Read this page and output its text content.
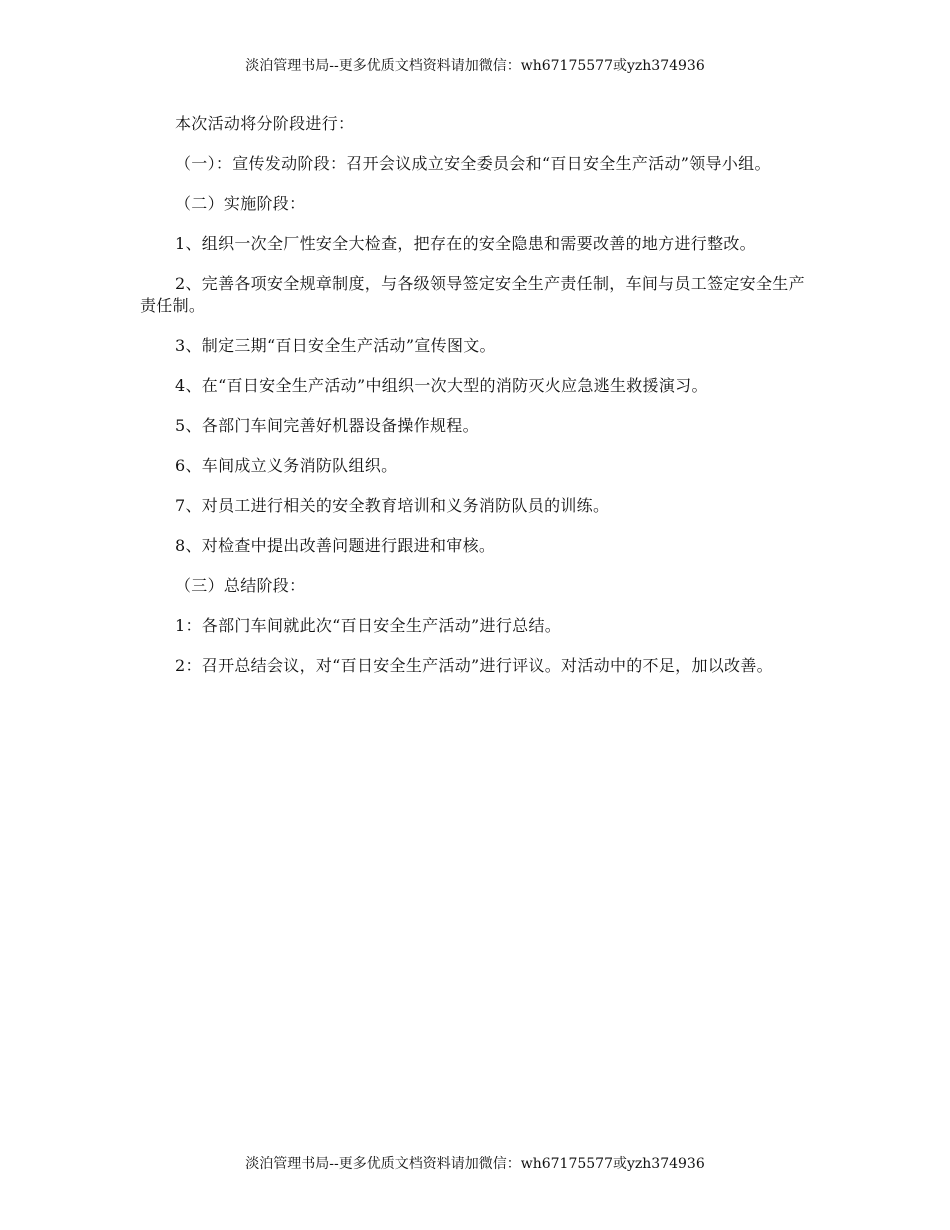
淡泊管理书局--更多优质文档资料请加微信：wh67175577或yzh374936

本次活动将分阶段进行：

（一）：宣传发动阶段：召开会议成立安全委员会和“百日安全生产活动”领导小组。

（二）实施阶段：

1、组织一次全厂性安全大检查，把存在的安全隐患和需要改善的地方进行整改。

2、完善各项安全规章制度，与各级领导签定安全生产责任制，车间与员工签定安全生产责任制。

3、制定三期“百日安全生产活动”宣传图文。

4、在“百日安全生产活动”中组织一次大型的消防灭火应急逃生救援演习。

5、各部门车间完善好机器设备操作规程。

6、车间成立义务消防队组织。

7、对员工进行相关的安全教育培训和义务消防队员的训练。

8、对检查中提出改善问题进行跟进和审核。

（三）总结阶段：

1：各部门车间就此次“百日安全生产活动”进行总结。

2：召开总结会议，对“百日安全生产活动”进行评议。对活动中的不足，加以改善。

淡泊管理书局--更多优质文档资料请加微信：wh67175577或yzh374936
